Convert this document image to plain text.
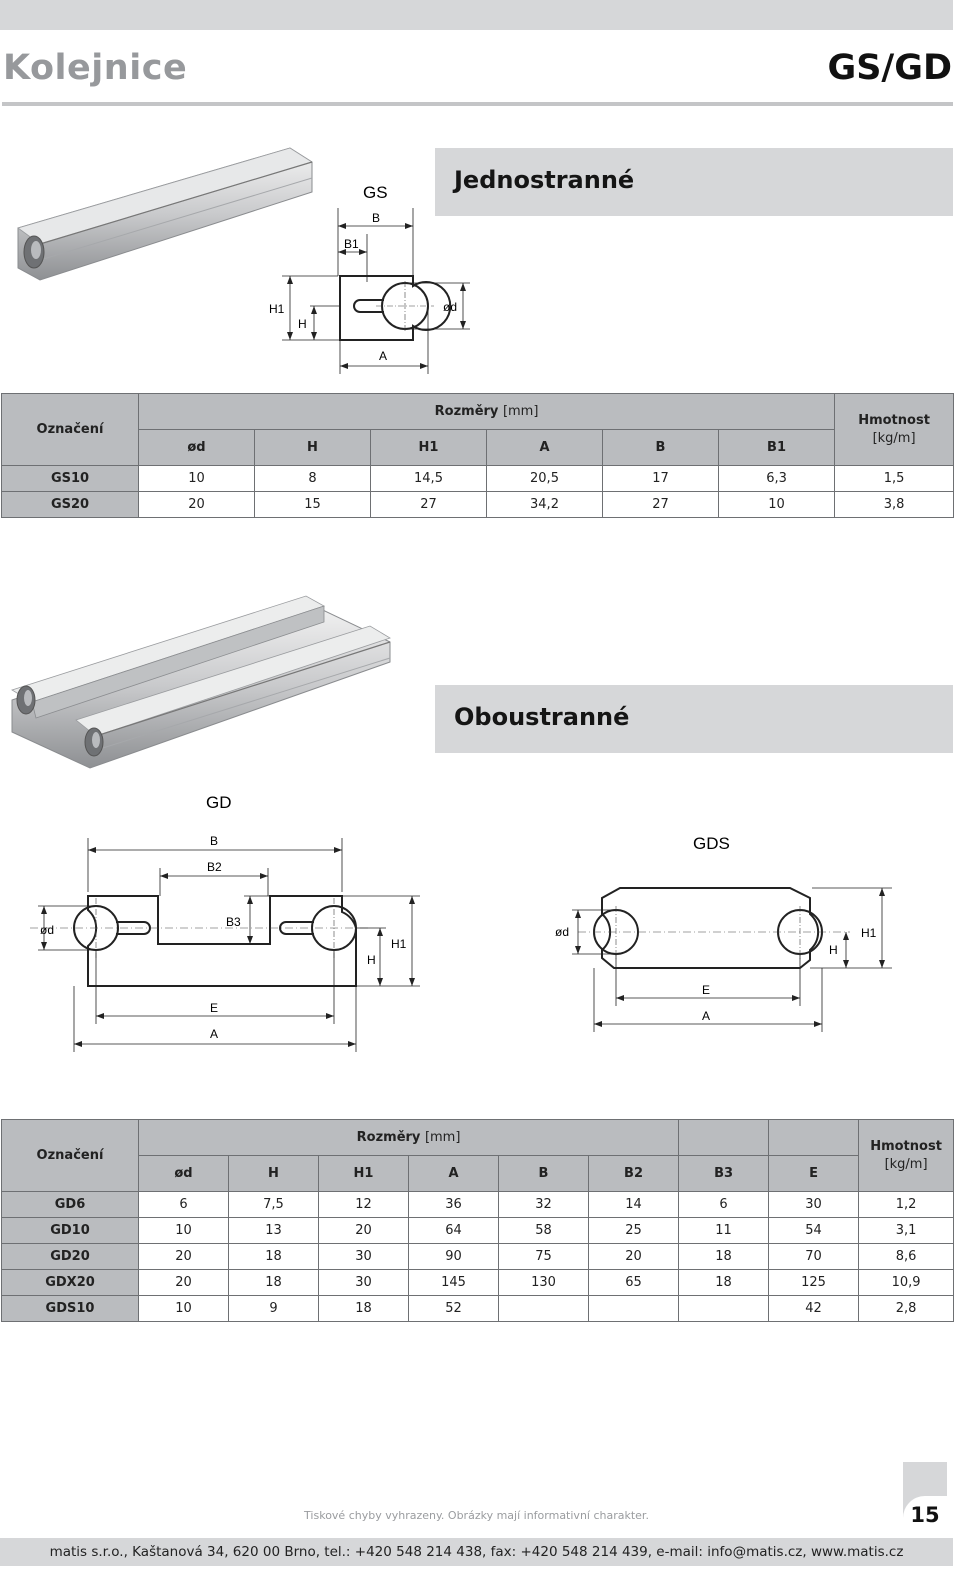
Kolejnice	GS/GD
GS
B
B1
ød
H1
H
A
Jednostranné
Označení	Rozměry [mm]						Hmotnost
[kg/m]

	ød	H	H1	A	B	B1	
GS10	10	8	14,5	20,5	17	6,3	1,5
GS20	20	15	27	34,2	27	10	3,8
Oboustranné
GD
B
B2
ød
B3
H
H1
E
A
GDS
ød
H
H1
E
A
Označení	Rozměry [mm]								Hmotnost
[kg/m]

	ød	H	H1	A	B	B2	B3	E	
GD6	6	7,5	12	36	32	14	6	30	1,2
GD10	10	13	20	64	58	25	11	54	3,1
GD20	20	18	30	90	75	20	18	70	8,6
GDX20	20	18	30	145	130	65	18	125	10,9
GDS10	10	9	18	52				42	2,8
Tiskové chyby vyhrazeny. Obrázky mají informativní charakter.	15
matis s.r.o., Kaštanová 34, 620 00 Brno, tel.: +420 548 214 438, fax: +420 548 214 439, e-mail: info@matis.cz, www.matis.cz
